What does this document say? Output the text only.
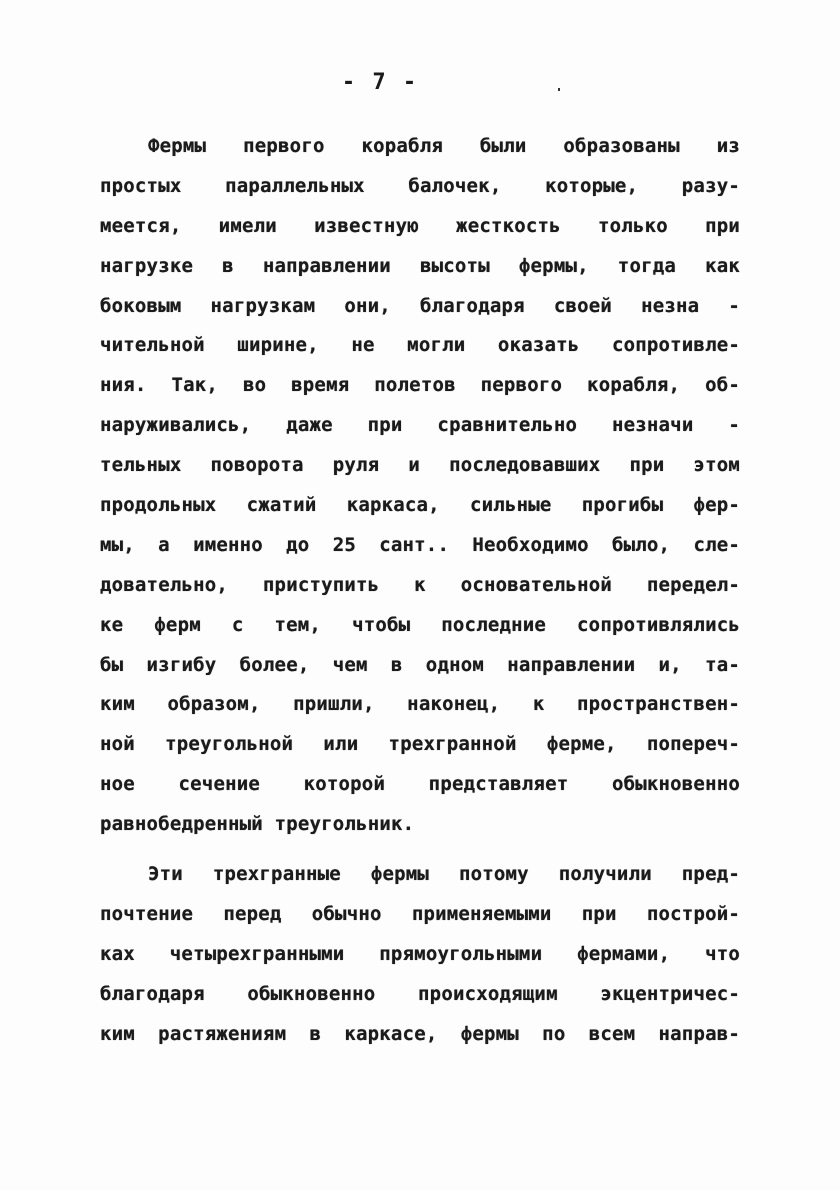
- 7 -
Фермы первого корабля были образованы из
простых параллельных балочек, которые, разу-
меется, имели известную жесткость только при
нагрузке в направлении высоты фермы, тогда как
боковым нагрузкам они, благодаря своей незна -
чительной ширине, не могли оказать сопротивле-
ния. Так, во время полетов первого корабля, об-
наруживались, даже при сравнительно незначи -
тельных поворота руля и последовавших при этом
продольных сжатий каркаса, сильные прогибы фер-
мы, а именно до 25 сант.. Необходимо было, сле-
довательно, приступить к основательной передел-
ке ферм с тем, чтобы последние сопротивлялись
бы изгибу более, чем в одном направлении и, та-
ким образом, пришли, наконец, к пространствен-
ной треугольной или трехгранной ферме, попереч-
ное сечение которой представляет обыкновенно
равнобедренный треугольник.
Эти трехгранные фермы потому получили пред-
почтение перед обычно применяемыми при построй-
ках четырехгранными прямоугольными фермами, что
благодаря обыкновенно происходящим экцентричес-
ким растяжениям в каркасе, фермы по всем направ-
